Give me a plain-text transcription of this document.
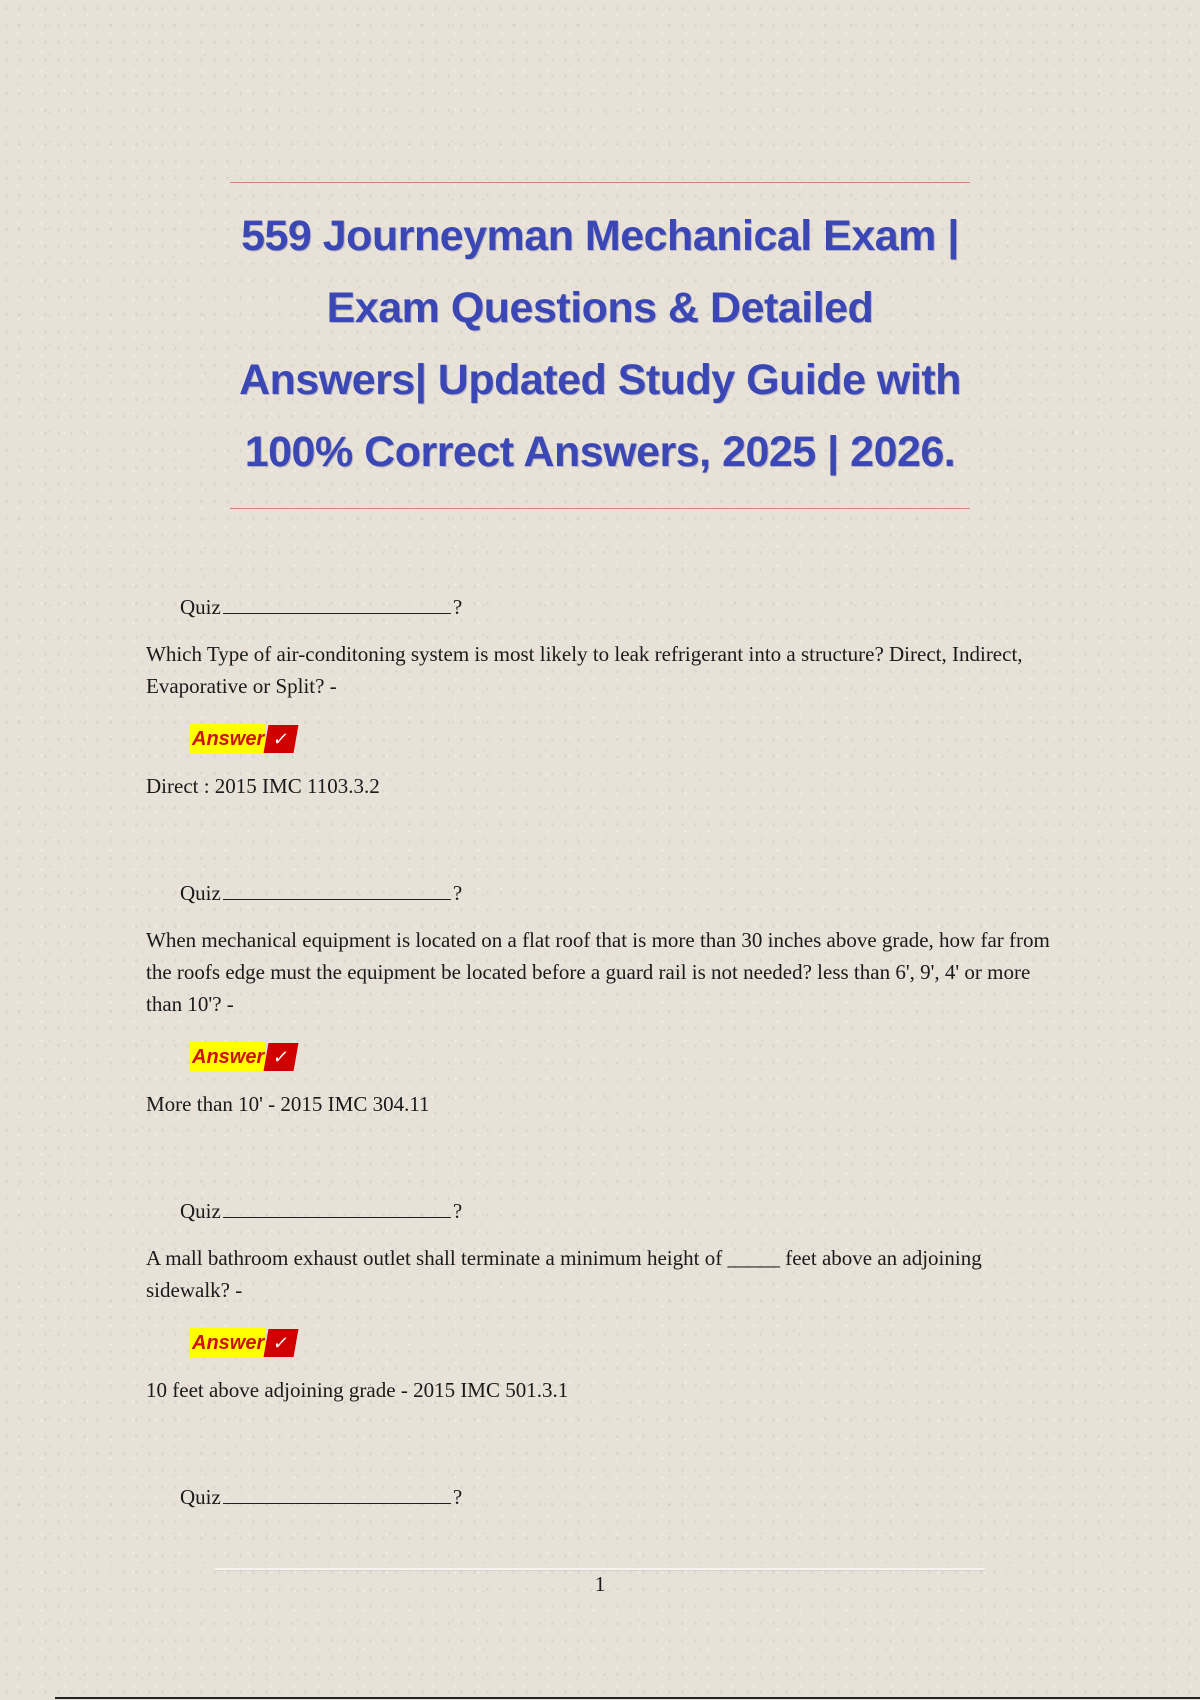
559 Journeyman Mechanical Exam |
Exam Questions & Detailed
Answers| Updated Study Guide with
100% Correct Answers, 2025 | 2026.
Quiz	?
Which Type of air-conditoning system is most likely to leak refrigerant into a structure? Direct, Indirect, Evaporative or Split? -
Answer ✓
Direct : 2015 IMC 1103.3.2
Quiz	?
When mechanical equipment is located on a flat roof that is more than 30 inches above grade, how far from the roofs edge must the equipment be located before a guard rail is not needed? less than 6', 9', 4' or more than 10'? -
Answer ✓
More than 10' - 2015 IMC 304.11
Quiz	?
A mall bathroom exhaust outlet shall terminate a minimum height of _____ feet above an adjoining sidewalk? -
Answer ✓
10 feet above adjoining grade - 2015 IMC 501.3.1
Quiz	?
1
